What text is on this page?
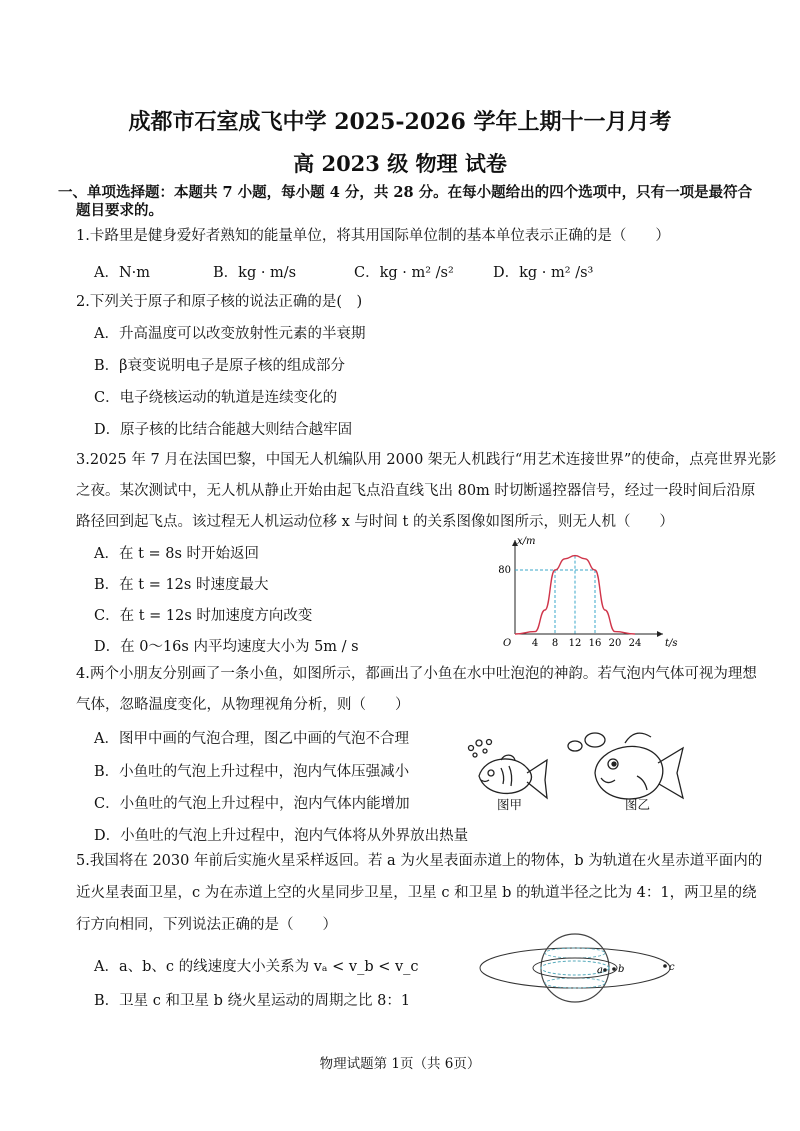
成都市石室成飞中学 2025-2026 学年上期十一月月考
高 2023 级 物理 试卷
一、单项选择题：本题共 7 小题，每小题 4 分，共 28 分。在每小题给出的四个选项中，只有一项是最符合
题目要求的。
1.卡路里是健身爱好者熟知的能量单位，将其用国际单位制的基本单位表示正确的是（　　）
A．N·m	B．kg · m/s	C．kg · m² /s²	D．kg · m² /s³
2.下列关于原子和原子核的说法正确的是(　)
A．升高温度可以改变放射性元素的半衰期
B．β衰变说明电子是原子核的组成部分
C．电子绕核运动的轨道是连续变化的
D．原子核的比结合能越大则结合越牢固
3.2025 年 7 月在法国巴黎，中国无人机编队用 2000 架无人机践行“用艺术连接世界”的使命，点亮世界光影
之夜。某次测试中，无人机从静止开始由起飞点沿直线飞出 80m 时切断遥控器信号，经过一段时间后沿原
路径回到起飞点。该过程无人机运动位移 x 与时间 t 的关系图像如图所示，则无人机（　　）
A．在 t = 8s 时开始返回
B．在 t = 12s 时速度最大
C．在 t = 12s 时加速度方向改变
D．在 0～16s 内平均速度大小为 5m / s
x/m
t/s
O 4 8 12 16 20 24
80
4.两个小朋友分别画了一条小鱼，如图所示，都画出了小鱼在水中吐泡泡的神韵。若气泡内气体可视为理想
气体，忽略温度变化，从物理视角分析，则（　　）
A．图甲中画的气泡合理，图乙中画的气泡不合理
B．小鱼吐的气泡上升过程中，泡内气体压强减小
C．小鱼吐的气泡上升过程中，泡内气体内能增加
D．小鱼吐的气泡上升过程中，泡内气体将从外界放出热量
图甲	图乙
5.我国将在 2030 年前后实施火星采样返回。若 a 为火星表面赤道上的物体，b 为轨道在火星赤道平面内的
近火星表面卫星，c 为在赤道上空的火星同步卫星，卫星 c 和卫星 b 的轨道半径之比为 4：1，两卫星的绕
行方向相同，下列说法正确的是（　　）
A．a、b、c 的线速度大小关系为 vₐ < v_b < v_c
B．卫星 c 和卫星 b 绕火星运动的周期之比 8：1
a b	c
物理试题第 1页（共 6页）
